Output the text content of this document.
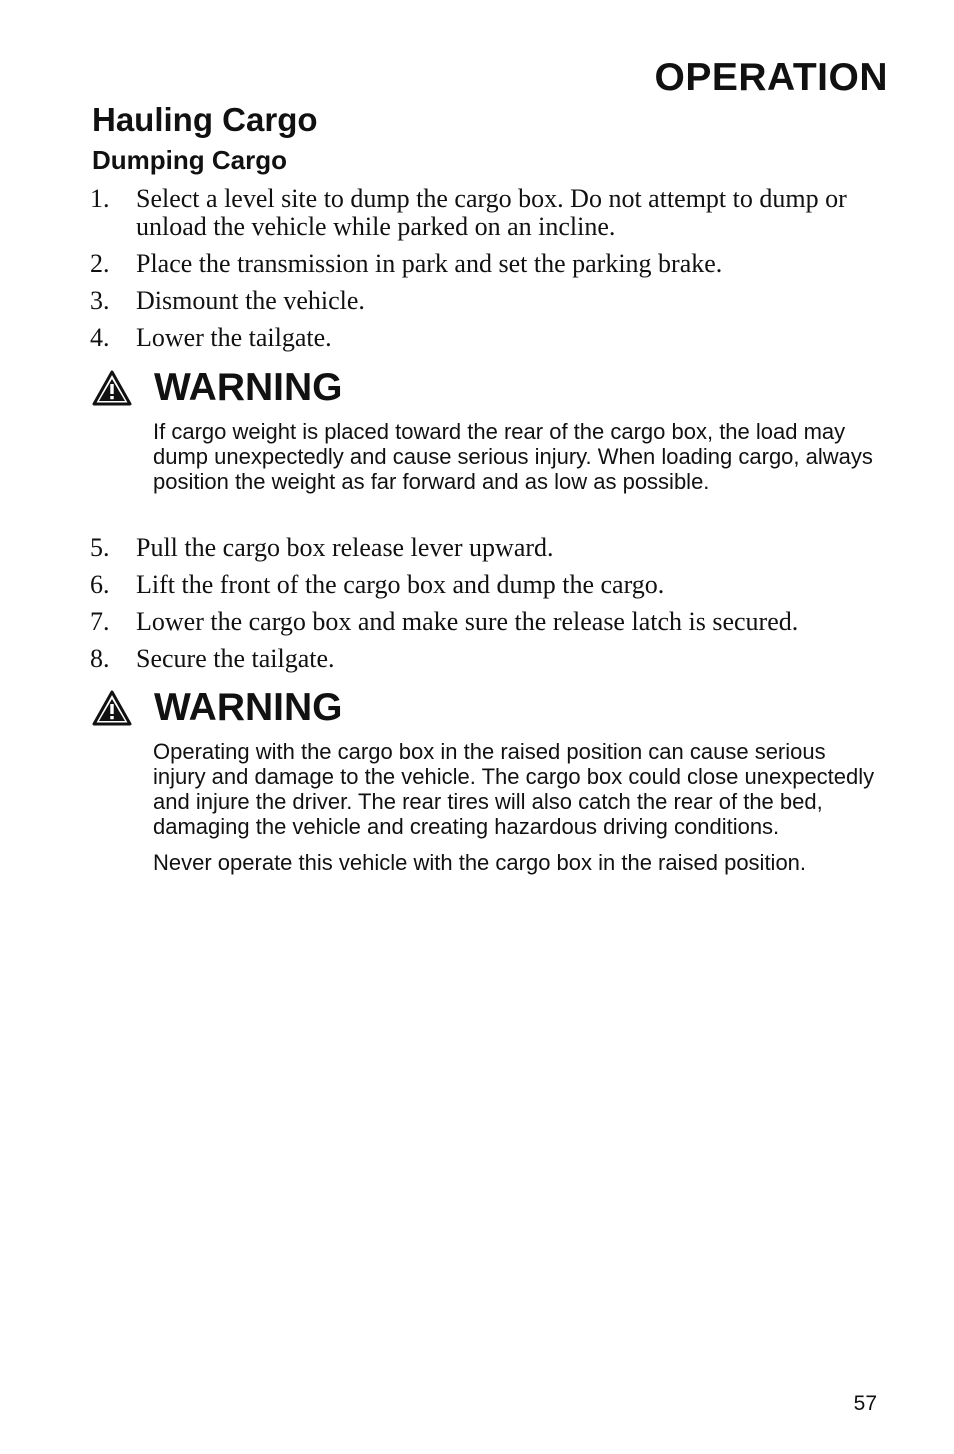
OPERATION
Hauling Cargo
Dumping Cargo
1. Select a level site to dump the cargo box. Do not attempt to dump or unload the vehicle while parked on an incline.
2. Place the transmission in park and set the parking brake.
3. Dismount the vehicle.
4. Lower the tailgate.
WARNING

If cargo weight is placed toward the rear of the cargo box, the load may dump unexpectedly and cause serious injury. When loading cargo, always position the weight as far forward and as low as possible.

5. Pull the cargo box release lever upward.
6. Lift the front of the cargo box and dump the cargo.
7. Lower the cargo box and make sure the release latch is secured.
8. Secure the tailgate.
WARNING

Operating with the cargo box in the raised position can cause serious injury and damage to the vehicle. The cargo box could close unexpectedly and injure the driver. The rear tires will also catch the rear of the bed, damaging the vehicle and creating hazardous driving conditions.

Never operate this vehicle with the cargo box in the raised position.

57
